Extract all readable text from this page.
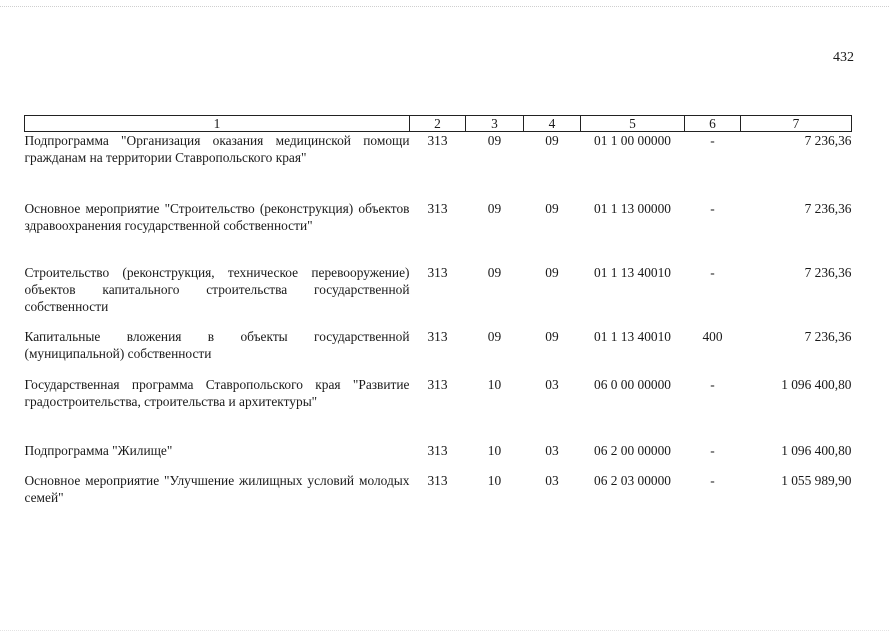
432
1	2	3	4	5	6	7
Подпрограмма "Организация оказания медицинской помощи гражданам на территории Ставропольского края"	313	09	09	01 1 00 00000	-	7 236,36
Основное мероприятие "Строительство (реконструкция) объектов здравоохранения государственной собственности"	313	09	09	01 1 13 00000	-	7 236,36
Строительство (реконструкция, техническое перевооружение) объектов капитального строительства государственной собственности	313	09	09	01 1 13 40010	-	7 236,36
Капитальные вложения в объекты государственной (муниципальной) собственности	313	09	09	01 1 13 40010	400	7 236,36
Государственная программа Ставропольского края "Развитие градостроительства, строительства и архитектуры"	313	10	03	06 0 00 00000	-	1 096 400,80
Подпрограмма "Жилище"	313	10	03	06 2 00 00000	-	1 096 400,80
Основное мероприятие "Улучшение жилищных условий молодых семей"	313	10	03	06 2 03 00000	-	1 055 989,90
